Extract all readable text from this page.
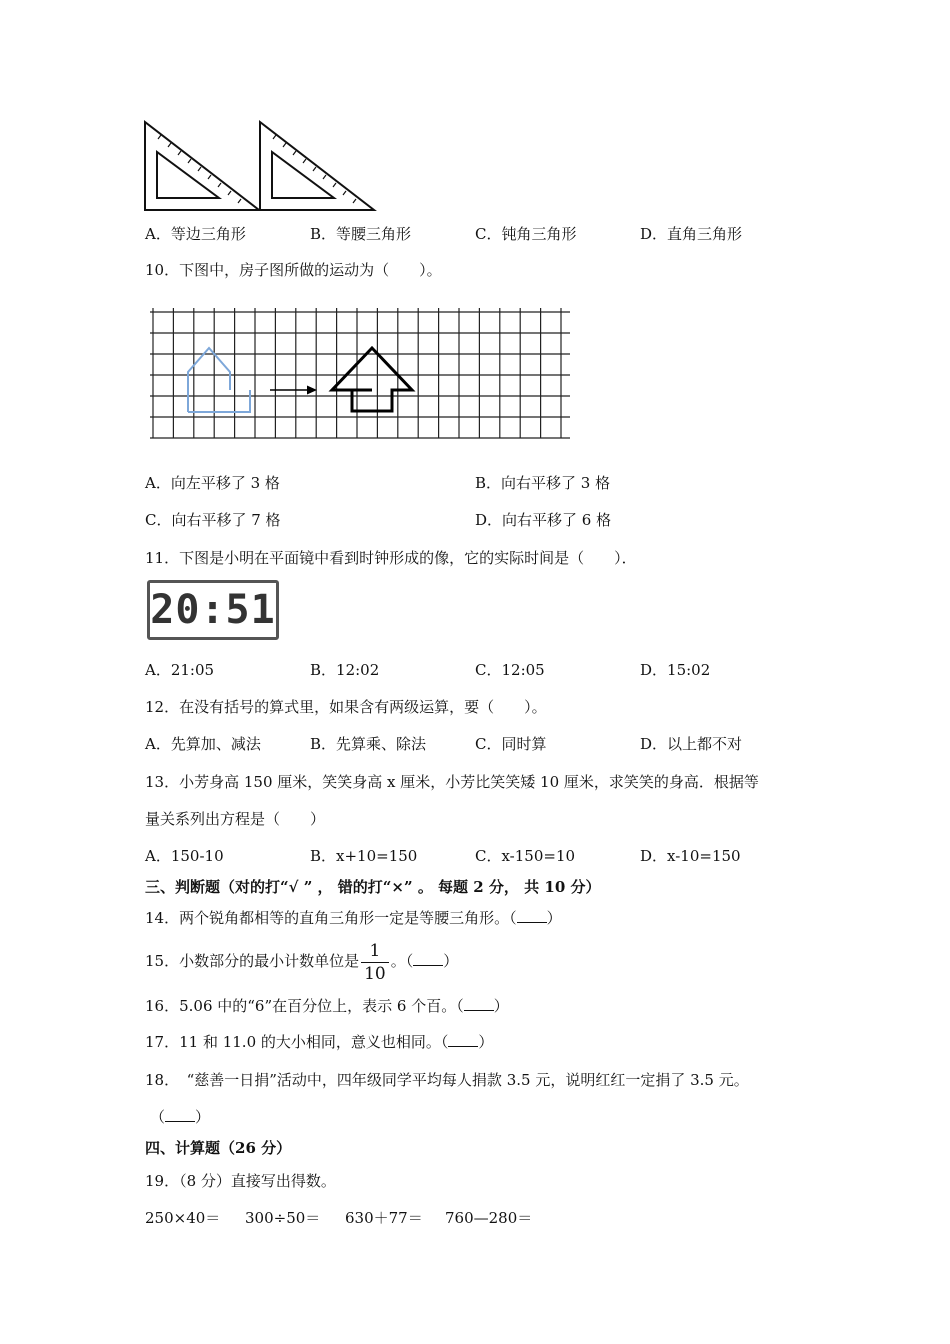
A．等边三角形	B．等腰三角形	C．钝角三角形	D．直角三角形
10．下图中，房子图所做的运动为（　　）。
A．向左平移了 3 格	B．向右平移了 3 格
C．向右平移了 7 格	D．向右平移了 6 格
11．下图是小明在平面镜中看到时钟形成的像，它的实际时间是（　　）．
20:51
A．21:05	B．12:02	C．12:05	D．15:02
12．在没有括号的算式里，如果含有两级运算，要（　　）。
A．先算加、减法	B．先算乘、除法	C．同时算	D．以上都不对
13．小芳身高 150 厘米，笑笑身高 x 厘米，小芳比笑笑矮 10 厘米，求笑笑的身高．根据等
量关系列出方程是（　　）
A．150-10	B．x+10=150	C．x-150=10	D．x-10=150
三、判断题（对的打“√ ” ， 错的打“×” 。 每题 2 分， 共 10 分）
14．两个锐角都相等的直角三角形一定是等腰三角形。（ ）
15．小数部分的最小计数单位是 $\frac{1}{10}$ 。（ ）
16．5.06 中的“6”在百分位上，表示 6 个百。（ ）
17．11 和 11.0 的大小相同，意义也相同。（ ）
18．　“慈善一日捐”活动中，四年级同学平均每人捐款 3.5 元，说明红红一定捐了 3.5 元。
（ ）
四、计算题（26 分）
19．（8 分）直接写出得数。
250×40＝ 300÷50＝ 630＋77＝ 760—280＝
